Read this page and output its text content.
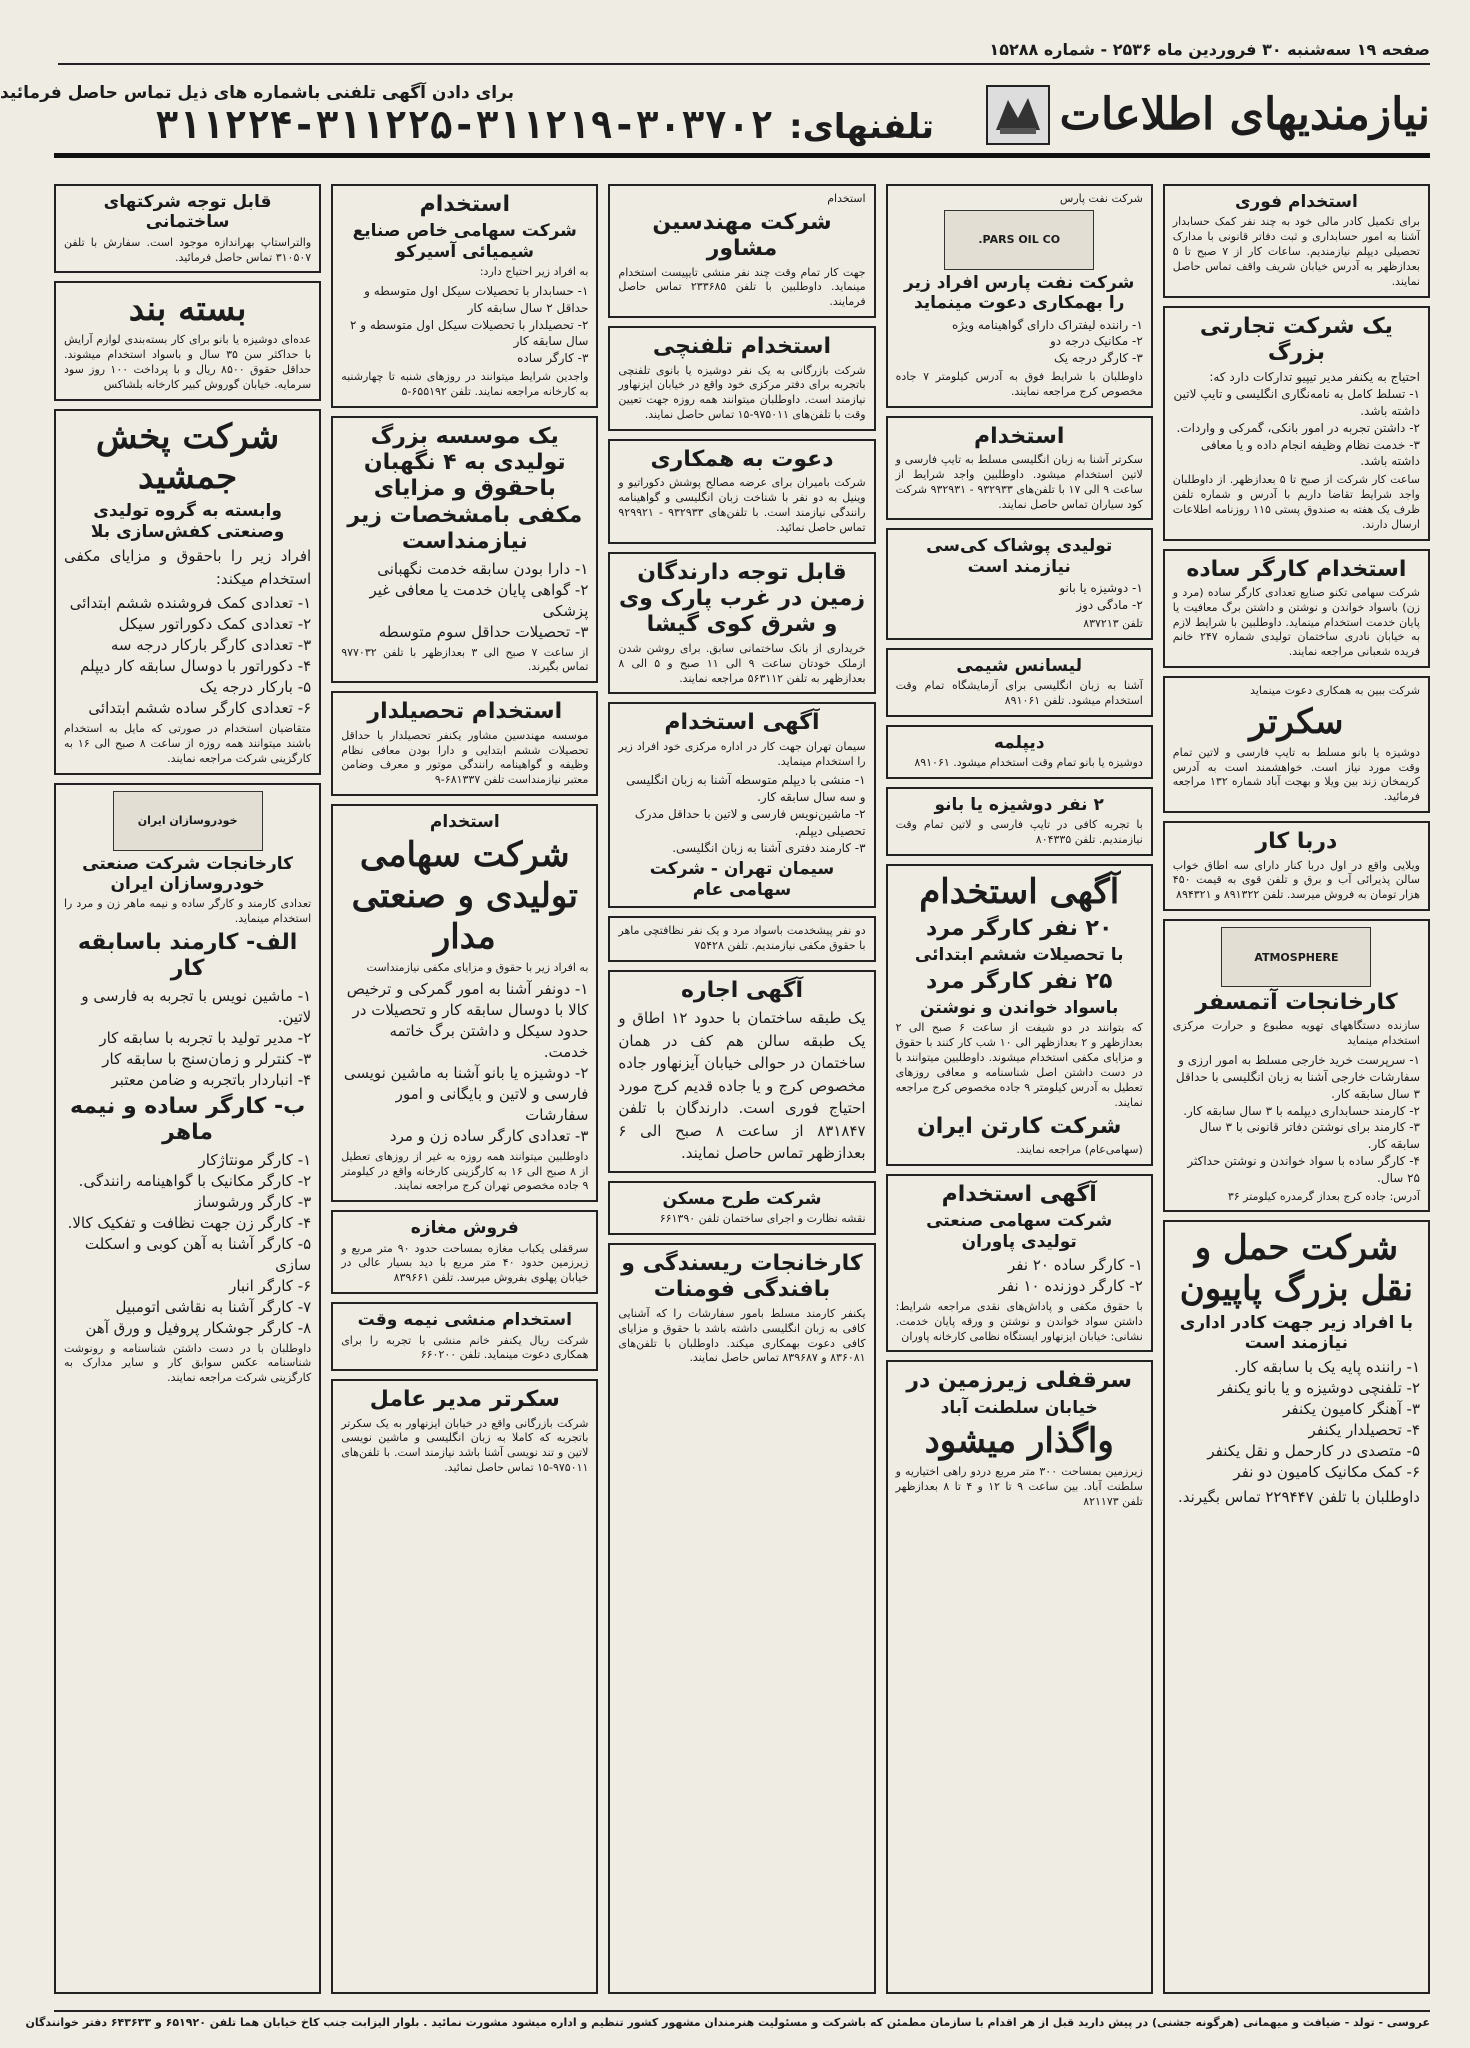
صفحه ۱۹ سه‌شنبه ۳۰ فروردین ماه ۲۵۳۶ - شماره ۱۵۲۸۸
نیازمندیهای اطلاعات
برای دادن آگهی تلفنی باشماره های ذیل تماس حاصل فرمائید
تلفنهای:
۳۱۱۲۲۴-۳۱۱۲۲۵-۳۱۱۲۱۹-۳۰۳۷۰۲
استخدام فوری

برای تکمیل کادر مالی خود به چند نفر کمک حسابدار آشنا به امور حسابداری و ثبت دفاتر قانونی با مدارک تحصیلی دیپلم نیازمندیم. ساعات کار از ۷ صبح تا ۵ بعدازظهر به آدرس خیابان شریف واقف تماس حاصل نمایند.

یک شرکت تجارتی بزرگ
احتیاج به یکنفر مدیر تیپیو تدارکات دارد که:
۱- تسلط کامل به نامه‌نگاری انگلیسی و تایپ لاتین داشته باشد.
۲- داشتن تجربه در امور بانکی، گمرکی و واردات.
۳- خدمت نظام وظیفه انجام داده و یا معافی داشته باشد.

ساعت کار شرکت از صبح تا ۵ بعدازظهر. از داوطلبان واجد شرایط تقاضا داریم با آدرس و شماره تلفن ظرف یک هفته به صندوق پستی ۱۱۵ روزنامه اطلاعات ارسال دارند.

استخدام کارگر ساده

شرکت سهامی تکنو صنایع تعدادی کارگر ساده (مرد و زن) باسواد خواندن و نوشتن و داشتن برگ معافیت یا پایان خدمت استخدام مینماید. داوطلبین با شرایط لازم به خیابان نادری ساختمان تولیدی شماره ۲۴۷ خانم فریده شعبانی مراجعه نمایند.

شرکت ببین به همکاری دعوت مینماید

سکرتر

دوشیزه یا بانو مسلط به تایپ فارسی و لاتین تمام وقت مورد نیاز است. خواهشمند است به آدرس کریمخان زند بین ویلا و بهجت آباد شماره ۱۳۲ مراجعه فرمائید.

دربا کار

ویلایی واقع در اول دربا کنار دارای سه اطاق خواب سالن پذیرائی آب و برق و تلفن قوی به قیمت ۴۵۰ هزار تومان به فروش میرسد. تلفن ۸۹۱۳۲۲ و ۸۹۴۳۲۱

ATMOSPHERE
کارخانجات آتمسفر

سازنده دستگاههای تهویه مطبوع و حرارت مرکزی استخدام مینماید

۱- سرپرست خرید خارجی مسلط به امور ارزی و سفارشات خارجی آشنا به زبان انگلیسی با حداقل ۳ سال سابقه کار.
۲- کارمند حسابداری دیپلمه با ۳ سال سابقه کار.
۳- کارمند برای نوشتن دفاتر قانونی با ۳ سال سابقه کار.
۴- کارگر ساده با سواد خواندن و نوشتن حداکثر ۲۵ سال.

آدرس: جاده کرج بعداز گرمدره کیلومتر ۳۶

شرکت حمل و نقل بزرگ پاپیون
با افراد زیر جهت کادر اداری نیازمند است
۱- راننده پایه یک با سابقه کار.
۲- تلفنچی دوشیزه و یا بانو یکنفر
۳- آهنگر کامیون یکنفر
۴- تحصیلدار یکنفر
۵- متصدی در کارحمل و نقل یکنفر
۶- کمک مکانیک کامیون دو نفر

داوطلبان با تلفن ۲۲۹۴۴۷ تماس بگیرند.

شرکت نفت پارس

PARS OIL CO.
شرکت نفت پارس افراد زیر را بهمکاری دعوت مینماید
۱- راننده لیفتراک دارای گواهینامه ویژه
۲- مکانیک درجه دو
۳- کارگر درجه یک

داوطلبان با شرایط فوق به آدرس کیلومتر ۷ جاده مخصوص کرج مراجعه نمایند.

استخدام

سکرتر آشنا به زبان انگلیسی مسلط به تایپ فارسی و لاتین استخدام میشود. داوطلبین واجد شرایط از ساعت ۹ الی ۱۷ با تلفن‌های ۹۳۲۹۳۳ - ۹۳۲۹۳۱ شرکت کود سیاران تماس حاصل نمایند.

تولیدی پوشاک کی‌سی نیازمند است
۱- دوشیزه یا بانو
۲- مادگی دوز

تلفن ۸۳۷۲۱۳

لیسانس شیمی

آشنا به زبان انگلیسی برای آزمایشگاه تمام وقت استخدام میشود. تلفن ۸۹۱۰۶۱

دیپلمه

دوشیزه یا بانو تمام وقت استخدام میشود. ۸۹۱۰۶۱

۲ نفر دوشیزه یا بانو

با تجربه کافی در تایپ فارسی و لاتین تمام وقت نیازمندیم. تلفن ۸۰۴۳۳۵

آگهی استخدام
۲۰ نفر کارگر مرد
با تحصیلات ششم ابتدائی
۲۵ نفر کارگر مرد
باسواد خواندن و نوشتن

که بتوانند در دو شیفت از ساعت ۶ صبح الی ۲ بعدازظهر و ۲ بعدازظهر الی ۱۰ شب کار کنند با حقوق و مزایای مکفی استخدام میشوند. داوطلبین میتوانند با در دست داشتن اصل شناسنامه و معافی روزهای تعطیل به آدرس کیلومتر ۹ جاده مخصوص کرج مراجعه نمایند.

شرکت کارتن ایران

(سهامی‌عام) مراجعه نمایند.

آگهی استخدام
شرکت سهامی صنعتی تولیدی پاوران
۱- کارگر ساده ۲۰ نفر
۲- کارگر دوزنده ۱۰ نفر

با حقوق مکفی و پاداش‌های نقدی مراجعه شرایط: داشتن سواد خواندن و نوشتن و ورقه پایان خدمت. نشانی: خیابان ایزنهاور ایستگاه نظامی کارخانه پاوران

سرقفلی زیرزمین در
خیابان سلطنت آباد
واگذار میشود

زیرزمین بمساحت ۳۰۰ متر مربع دردو راهی اختیاریه و سلطنت آباد. بین ساعت ۹ تا ۱۲ و ۴ تا ۸ بعدازظهر تلفن ۸۲۱۱۷۳

استخدام

شرکت مهندسین مشاور

جهت کار تمام وقت چند نفر منشی تایپیست استخدام مینماید. داوطلبین با تلفن ۲۳۳۶۸۵ تماس حاصل فرمایند.

استخدام تلفنچی

شرکت بازرگانی به یک نفر دوشیزه یا بانوی تلفنچی باتجربه برای دفتر مرکزی خود واقع در خیابان ایزنهاور نیازمند است. داوطلبان میتوانند همه روزه جهت تعیین وقت با تلفن‌های ۹۷۵۰۱۱-۱۵ تماس حاصل نمایند.

دعوت به همکاری

شرکت بامیران برای عرضه مصالح پوشش دکوراتیو و وینیل به دو نفر با شناخت زبان انگلیسی و گواهینامه رانندگی نیازمند است. با تلفن‌های ۹۳۲۹۳۳ - ۹۲۹۹۲۱ تماس حاصل نمائید.

قابل توجه دارندگان زمین در غرب پارک وی و شرق کوی گیشا

خریداری از بانک ساختمانی سابق. برای روشن شدن ازملک خودتان ساعت ۹ الی ۱۱ صبح و ۵ الی ۸ بعدازظهر به تلفن ۵۶۳۱۱۲ مراجعه نمایند.

آگهی استخدام

سیمان تهران جهت کار در اداره مرکزی خود افراد زیر را استخدام مینماید.

۱- منشی با دیپلم متوسطه آشنا به زبان انگلیسی و سه سال سابقه کار.
۲- ماشین‌نویس فارسی و لاتین با حداقل مدرک تحصیلی دیپلم.
۳- کارمند دفتری آشنا به زبان انگلیسی.
سیمان تهران - شرکت سهامی عام

دو نفر پیشخدمت باسواد مرد و یک نفر نظافتچی ماهر با حقوق مکفی نیازمندیم. تلفن ۷۵۴۲۸

آگهی اجاره

یک طبقه ساختمان با حدود ۱۲ اطاق و یک طبقه سالن هم کف در همان ساختمان در حوالی خیابان آیزنهاور جاده مخصوص کرج و یا جاده قدیم کرج مورد احتیاج فوری است. دارندگان با تلفن ۸۳۱۸۴۷ از ساعت ۸ صبح الی ۶ بعدازظهر تماس حاصل نمایند.

شرکت طرح مسکن

نقشه نظارت و اجرای ساختمان تلفن ۶۶۱۳۹۰

کارخانجات ریسندگی و بافندگی فومنات

یکنفر کارمند مسلط بامور سفارشات را که آشنایی کافی به زبان انگلیسی داشته باشد با حقوق و مزایای کافی دعوت بهمکاری میکند. داوطلبان با تلفن‌های ۸۳۶۰۸۱ و ۸۳۹۶۸۷ تماس حاصل نمایند.

استخدام
شرکت سهامی خاص صنایع شیمیائی آسیرکو

به افراد زیر احتیاج دارد:

۱- حسابدار با تحصیلات سیکل اول متوسطه و حداقل ۲ سال سابقه کار
۲- تحصیلدار با تحصیلات سیکل اول متوسطه و ۲ سال سابقه کار
۳- کارگر ساده

واجدین شرایط میتوانند در روزهای شنبه تا چهارشنبه به کارخانه مراجعه نمایند. تلفن ۶۵۵۱۹۲-۵

یک موسسه بزرگ تولیدی به ۴ نگهبان باحقوق و مزایای مکفی بامشخصات زیر نیازمنداست
۱- دارا بودن سابقه خدمت نگهبانی
۲- گواهی پایان خدمت یا معافی غیر پزشکی
۳- تحصیلات حداقل سوم متوسطه

از ساعت ۷ صبح الی ۳ بعدازظهر با تلفن ۹۷۷۰۳۲ تماس بگیرند.

استخدام تحصیلدار

موسسه مهندسین مشاور یکنفر تحصیلدار با حداقل تحصیلات ششم ابتدایی و دارا بودن معافی نظام وظیفه و گواهینامه رانندگی موتور و معرف وضامن معتبر نیازمنداست تلفن ۶۸۱۳۳۷-۹

استخدام
شرکت سهامی تولیدی و صنعتی مدار

به افراد زیر با حقوق و مزایای مکفی نیازمنداست

۱- دونفر آشنا به امور گمرکی و ترخیص کالا با دوسال سابقه کار و تحصیلات در حدود سیکل و داشتن برگ خاتمه خدمت.
۲- دوشیزه یا بانو آشنا به ماشین نویسی فارسی و لاتین و بایگانی و امور سفارشات
۳- تعدادی کارگر ساده زن و مرد

داوطلبین میتوانند همه روزه به غیر از روزهای تعطیل از ۸ صبح الی ۱۶ به کارگزینی کارخانه واقع در کیلومتر ۹ جاده مخصوص تهران کرج مراجعه نمایند.

فروش مغازه

سرقفلی یکباب مغازه بمساحت حدود ۹۰ متر مربع و زیرزمین حدود ۴۰ متر مربع با دید بسیار عالی در خیابان پهلوی بفروش میرسد. تلفن ۸۳۹۶۶۱

استخدام منشی نیمه وقت

شرکت ریال یکنفر خانم منشی با تجربه را برای همکاری دعوت مینماید. تلفن ۶۶۰۲۰۰

سکرتر مدیر عامل

شرکت بازرگانی واقع در خیابان ایزنهاور به یک سکرتر باتجربه که کاملا به زبان انگلیسی و ماشین نویسی لاتین و تند نویسی آشنا باشد نیازمند است. با تلفن‌های ۹۷۵۰۱۱-۱۵ تماس حاصل نمائید.

قابل توجه شرکتهای ساختمانی

والتراستاپ بهراندازه موجود است. سفارش با تلفن ۳۱۰۵۰۷ تماس حاصل فرمائید.

بسته بند

عده‌ای دوشیزه یا بانو برای کار بسته‌بندی لوازم آرایش با حداکثر سن ۳۵ سال و باسواد استخدام میشوند. حداقل حقوق ۸۵۰۰ ریال و با پرداخت ۱۰۰ روز سود سرمایه. خیابان گوروش کبیر کارخانه بلشاکس

شرکت پخش جمشید
وابسته به گروه تولیدی وصنعتی کفش‌سازی بلا

افراد زیر را باحقوق و مزایای مکفی استخدام میکند:

۱- تعدادی کمک فروشنده ششم ابتدائی
۲- تعدادی کمک دکوراتور سیکل
۳- تعدادی کارگر بارکار درجه سه
۴- دکوراتور با دوسال سابقه کار دیپلم
۵- بارکار درجه یک
۶- تعدادی کارگر ساده ششم ابتدائی

متقاضیان استخدام در صورتی که مایل به استخدام باشند میتوانند همه روزه از ساعت ۸ صبح الی ۱۶ به کارگزینی شرکت مراجعه نمایند.

خودروسازان ایران
کارخانجات شرکت صنعتی خودروسازان ایران

تعدادی کارمند و کارگر ساده و نیمه ماهر زن و مرد را استخدام مینماید.

الف- کارمند باسابقه کار
۱- ماشین نویس با تجربه به فارسی و لاتین.
۲- مدیر تولید با تجربه با سابقه کار
۳- کنترلر و زمان‌سنج با سابقه کار
۴- انباردار باتجربه و ضامن معتبر
ب- کارگر ساده و نیمه ماهر
۱- کارگر مونتاژکار
۲- کارگر مکانیک با گواهینامه رانندگی.
۳- کارگر ورشوساز
۴- کارگر زن جهت نظافت و تفکیک کالا.
۵- کارگر آشنا به آهن کوبی و اسکلت سازی
۶- کارگر انبار
۷- کارگر آشنا به نقاشی اتومبیل
۸- کارگر جوشکار پروفیل و ورق آهن

داوطلبان با در دست داشتن شناسنامه و رونوشت شناسنامه عکس سوابق کار و سایر مدارک به کارگزینی شرکت مراجعه نمایند.

عروسی - تولد - ضیافت و میهمانی (هرگونه جشنی) در پیش دارید قبل از هر اقدام با سازمان مطمئن که باشرکت و مسئولیت هنرمندان مشهور کشور تنظیم و اداره میشود مشورت نمائید . بلوار الیزابت جنب کاخ خیابان هما تلفن ۶۵۱۹۲۰ و ۶۴۳۶۳۳ دفتر خوانندگان
